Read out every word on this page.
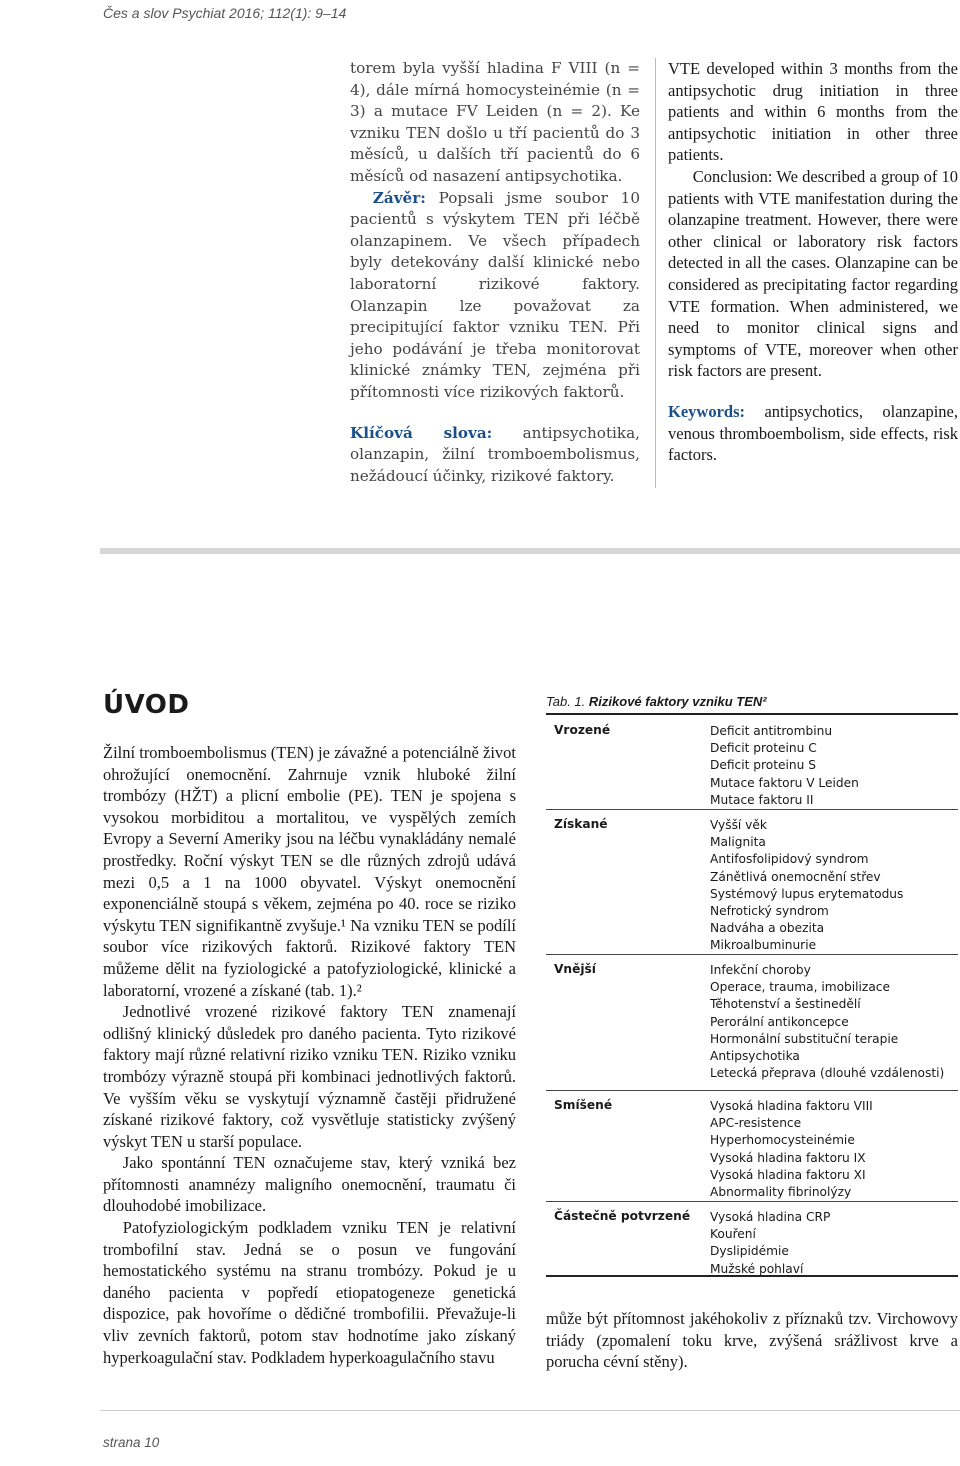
Čes a slov Psychiat 2016; 112(1): 9–14

torem byla vyšší hladina F VIII (n = 4), dále mírná homocysteinémie (n = 3) a mutace FV Leiden (n = 2). Ke vzniku TEN došlo u tří pacientů do 3 měsíců, u dalších tří pacientů do 6 měsíců od nasazení antipsychotika.

Závěr: Popsali jsme soubor 10 pacientů s výskytem TEN při léčbě olanzapinem. Ve všech případech byly detekovány další klinické nebo laboratorní rizikové faktory. Olanzapin lze považovat za precipitující faktor vzniku TEN. Při jeho podávání je třeba monitorovat klinické známky TEN, zejména při přítomnosti více rizikových faktorů.

Klíčová slova: antipsychotika, olanzapin, žilní tromboembolismus, nežádoucí účinky, rizikové faktory.

VTE developed within 3 months from the antipsychotic drug initiation in three patients and within 6 months from the antipsychotic initiation in other three patients.

Conclusion: We described a group of 10 patients with VTE manifestation during the olanzapine treatment. However, there were other clinical or laboratory risk factors detected in all the cases. Olanzapine can be considered as precipitating factor regarding VTE formation. When administered, we need to monitor clinical signs and symptoms of VTE, moreover when other risk factors are present.

Keywords: antipsychotics, olanzapine, venous thromboembolism, side effects, risk factors.

ÚVOD

Žilní tromboembolismus (TEN) je závažné a potenciálně život ohrožující onemocnění. Zahrnuje vznik hluboké žilní trombózy (HŽT) a plicní embolie (PE). TEN je spojena s vysokou morbiditou a mortalitou, ve vyspělých zemích Evropy a Severní Ameriky jsou na léčbu vynakládány nemalé prostředky. Roční výskyt TEN se dle různých zdrojů udává mezi 0,5 a 1 na 1000 obyvatel. Výskyt onemocnění exponenciálně stoupá s věkem, zejména po 40. roce se riziko výskytu TEN signifikantně zvyšuje.¹ Na vzniku TEN se podílí soubor více rizikových faktorů. Rizikové faktory TEN můžeme dělit na fyziologické a patofyziologické, klinické a laboratorní, vrozené a získané (tab. 1).²

Jednotlivé vrozené rizikové faktory TEN znamenají odlišný klinický důsledek pro daného pacienta. Tyto rizikové faktory mají různé relativní riziko vzniku TEN. Riziko vzniku trombózy výrazně stoupá při kombinaci jednotlivých faktorů. Ve vyšším věku se vyskytují významně častěji přidružené získané rizikové faktory, což vysvětluje statisticky zvýšený výskyt TEN u starší populace.

Jako spontánní TEN označujeme stav, který vzniká bez přítomnosti anamnézy maligního onemocnění, traumatu či dlouhodobé imobilizace.

Patofyziologickým podkladem vzniku TEN je relativní trombofilní stav. Jedná se o posun ve fungování hemostatického systému na stranu trombózy. Pokud je u daného pacienta v popředí etiopatogeneze genetická dispozice, pak hovoříme o dědičné trombofilii. Převažuje-li vliv zevních faktorů, potom stav hodnotíme jako získaný hyperkoagulační stav. Podkladem hyperkoagulačního stavu

Tab. 1. Rizikové faktory vzniku TEN²
Vrozené	Deficit antitrombinu
Deficit proteinu C
Deficit proteinu S
Mutace faktoru V Leiden
Mutace faktoru II
Získané	Vyšší věk
Malignita
Antifosfolipidový syndrom
Zánětlivá onemocnění střev
Systémový lupus erytematodus
Nefrotický syndrom
Nadváha a obezita
Mikroalbuminurie
Vnější	Infekční choroby
Operace, trauma, imobilizace
Těhotenství a šestinedělí
Perorální antikoncepce
Hormonální substituční terapie
Antipsychotika
Letecká přeprava (dlouhé vzdálenosti)
Smíšené	Vysoká hladina faktoru VIII
APC-resistence
Hyperhomocysteinémie
Vysoká hladina faktoru IX
Vysoká hladina faktoru XI
Abnormality fibrinolýzy
Částečně potvrzené Vysoká hladina CRP
Kouření
Dyslipidémie
Mužské pohlaví
může být přítomnost jakéhokoliv z příznaků tzv. Virchowovy triády (zpomalení toku krve, zvýšená srážlivost krve a porucha cévní stěny).
strana 10
